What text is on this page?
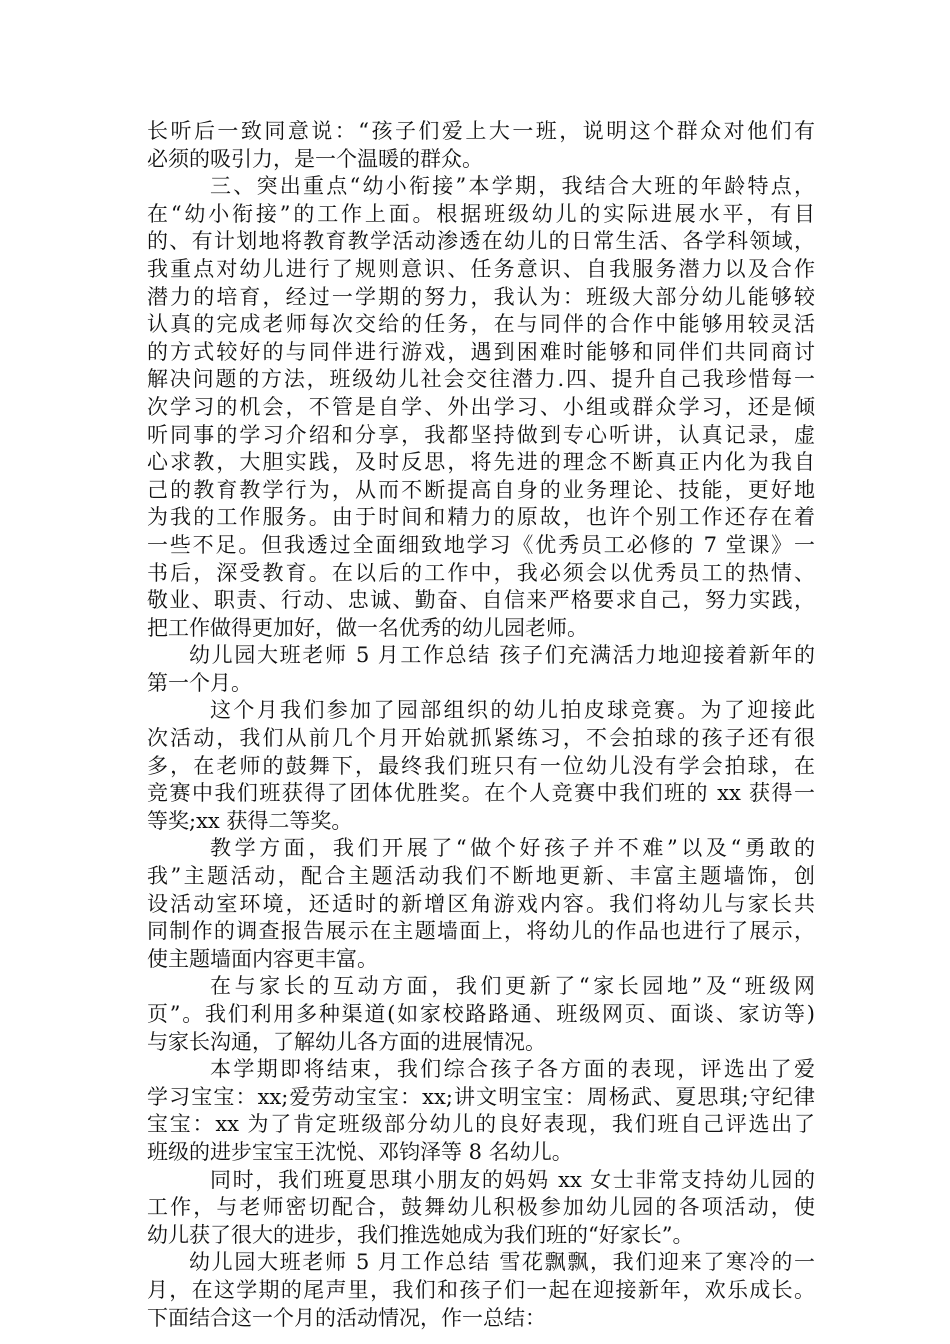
长听后一致同意说：“孩子们爱上大一班，说明这个群众对他们有
必须的吸引力，是一个温暖的群众。
三、突出重点“幼小衔接”本学期，我结合大班的年龄特点，
在“幼小衔接”的工作上面。根据班级幼儿的实际进展水平，有目
的、有计划地将教育教学活动渗透在幼儿的日常生活、各学科领域，
我重点对幼儿进行了规则意识、任务意识、自我服务潜力以及合作
潜力的培育，经过一学期的努力，我认为：班级大部分幼儿能够较
认真的完成老师每次交给的任务，在与同伴的合作中能够用较灵活
的方式较好的与同伴进行游戏，遇到困难时能够和同伴们共同商讨
解决问题的方法，班级幼儿社会交往潜力.四、提升自己我珍惜每一
次学习的机会，不管是自学、外出学习、小组或群众学习，还是倾
听同事的学习介绍和分享，我都坚持做到专心听讲，认真记录，虚
心求教，大胆实践，及时反思，将先进的理念不断真正内化为我自
己的教育教学行为，从而不断提高自身的业务理论、技能，更好地
为我的工作服务。由于时间和精力的原故，也许个别工作还存在着
一些不足。但我透过全面细致地学习《优秀员工必修的 7 堂课》一
书后，深受教育。在以后的工作中，我必须会以优秀员工的热情、
敬业、职责、行动、忠诚、勤奋、自信来严格要求自己，努力实践，
把工作做得更加好，做一名优秀的幼儿园老师。
幼儿园大班老师 5 月工作总结 孩子们充满活力地迎接着新年的
第一个月。
这个月我们参加了园部组织的幼儿拍皮球竞赛。为了迎接此
次活动，我们从前几个月开始就抓紧练习，不会拍球的孩子还有很
多，在老师的鼓舞下，最终我们班只有一位幼儿没有学会拍球，在
竞赛中我们班获得了团体优胜奖。在个人竞赛中我们班的 xx 获得一
等奖;xx 获得二等奖。
教学方面，我们开展了“做个好孩子并不难”以及“勇敢的
我”主题活动，配合主题活动我们不断地更新、丰富主题墙饰，创
设活动室环境，还适时的新增区角游戏内容。我们将幼儿与家长共
同制作的调查报告展示在主题墙面上，将幼儿的作品也进行了展示，
使主题墙面内容更丰富。
在与家长的互动方面，我们更新了“家长园地”及“班级网
页”。我们利用多种渠道(如家校路路通、班级网页、面谈、家访等)
与家长沟通，了解幼儿各方面的进展情况。
本学期即将结束，我们综合孩子各方面的表现，评选出了爱
学习宝宝：xx;爱劳动宝宝：xx;讲文明宝宝：周杨武、夏思琪;守纪律
宝宝：xx 为了肯定班级部分幼儿的良好表现，我们班自己评选出了
班级的进步宝宝王沈悦、邓钧泽等 8 名幼儿。
同时，我们班夏思琪小朋友的妈妈 xx 女士非常支持幼儿园的
工作，与老师密切配合，鼓舞幼儿积极参加幼儿园的各项活动，使
幼儿获了很大的进步，我们推选她成为我们班的“好家长”。
幼儿园大班老师 5 月工作总结 雪花飘飘，我们迎来了寒冷的一
月，在这学期的尾声里，我们和孩子们一起在迎接新年，欢乐成长。
下面结合这一个月的活动情况，作一总结：
